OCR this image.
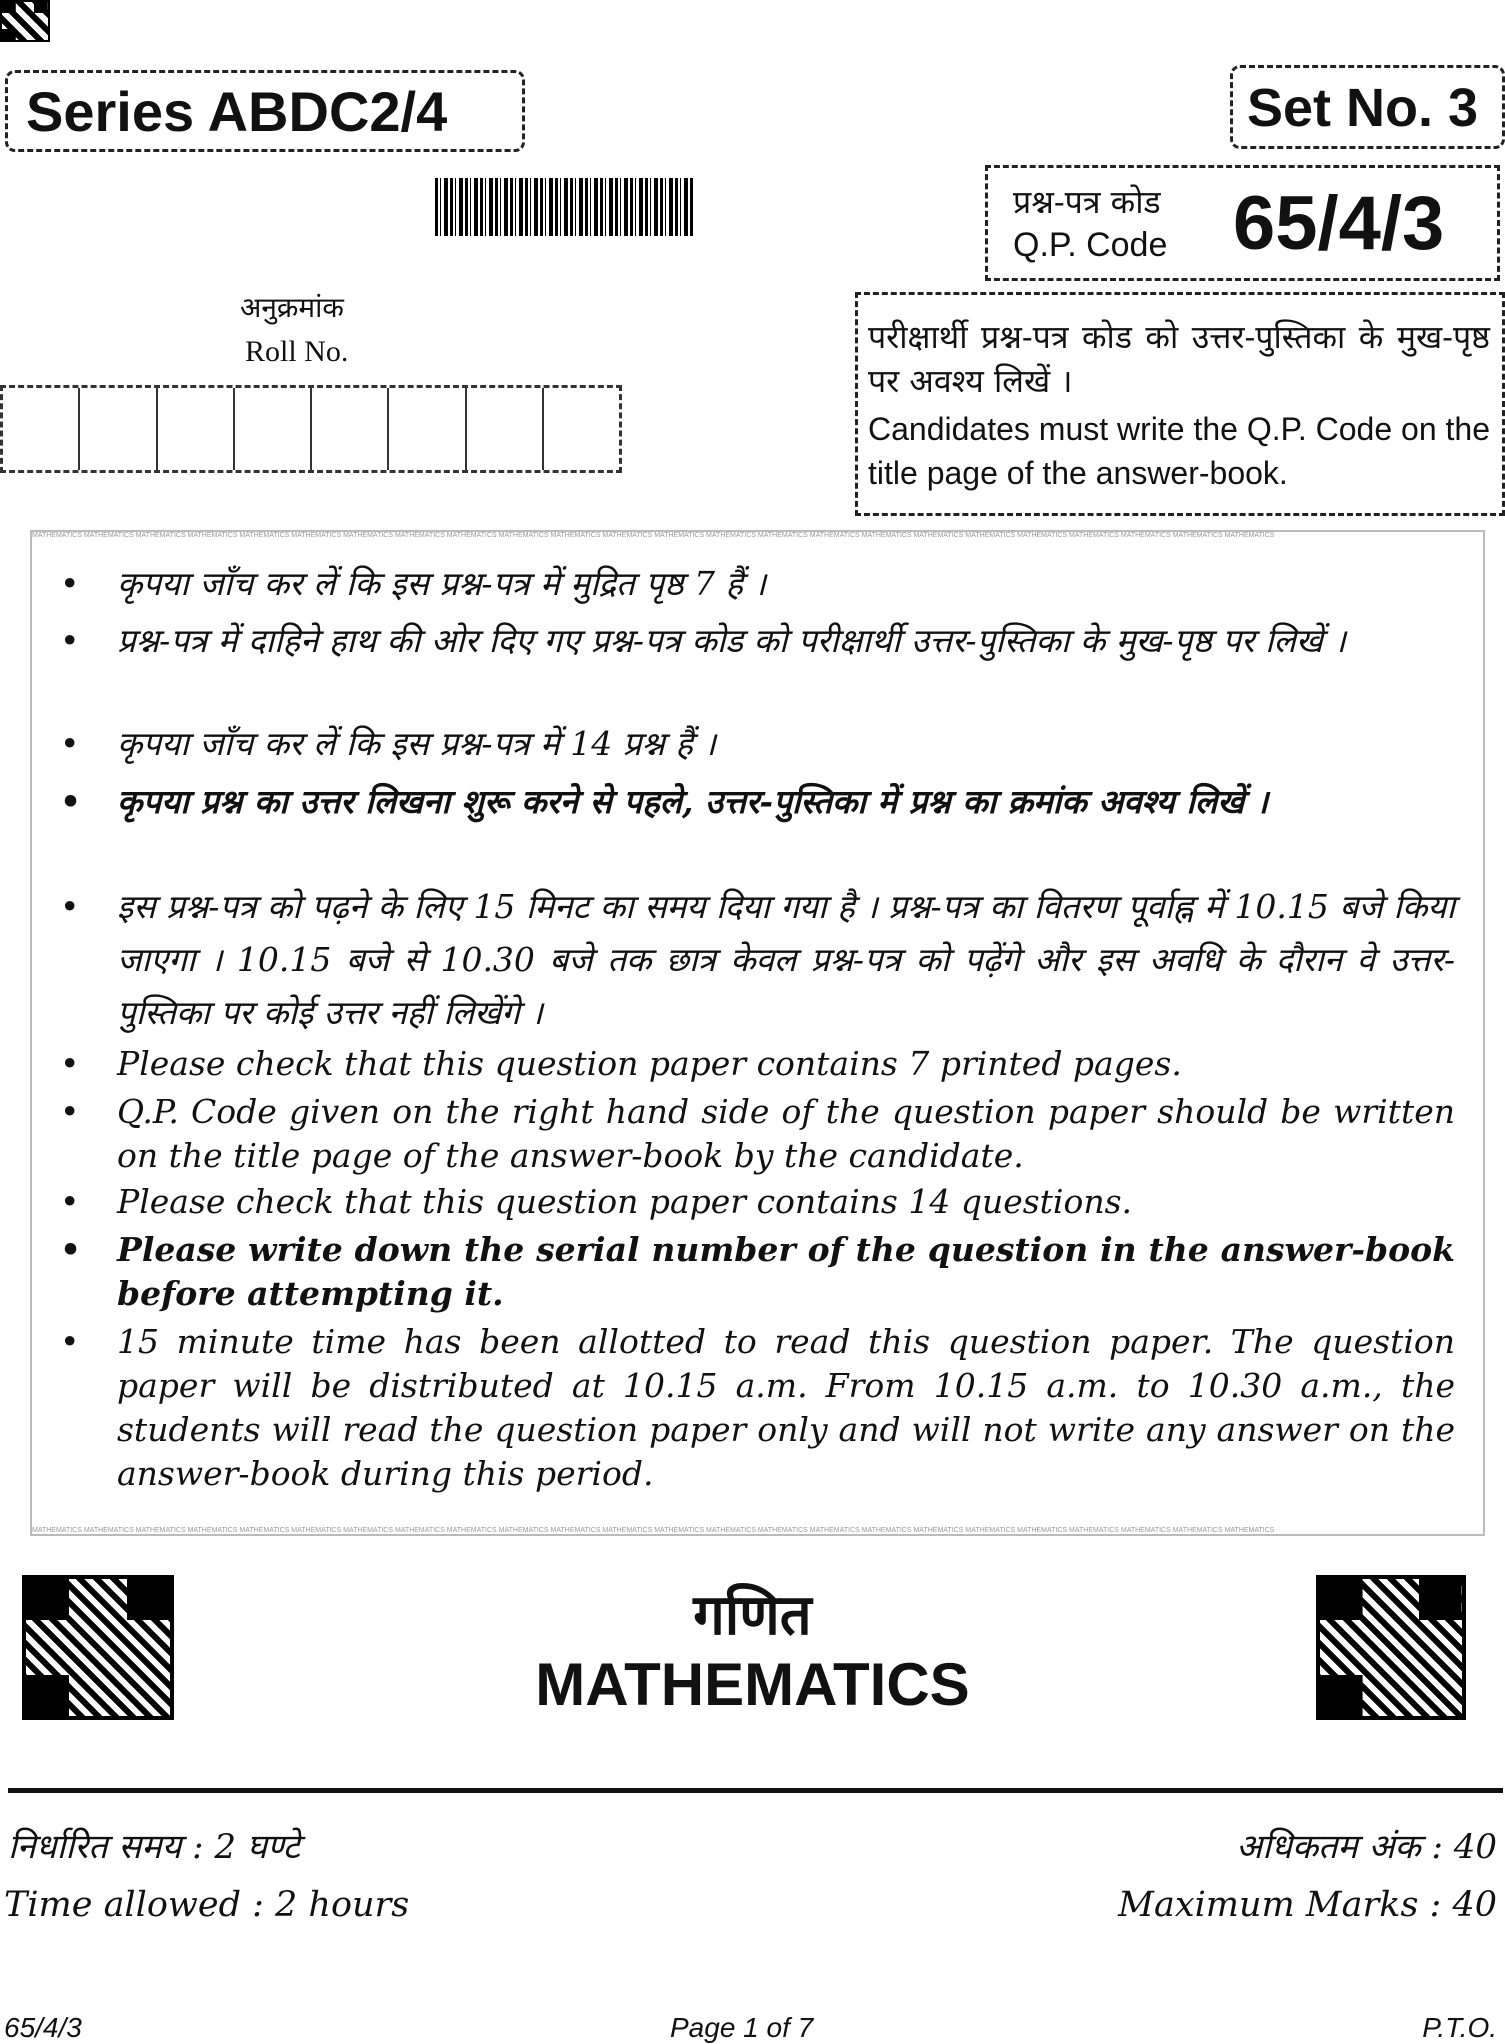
Series ABDC2/4	Set No. 3
प्रश्न-पत्र कोड
Q.P. Code 65/4/3
अनुक्रमांक
Roll No.	परीक्षार्थी प्रश्न-पत्र कोड को उत्तर-पुस्तिका के मुख-पृष्ठ पर अवश्य लिखें ।
Candidates must write the Q.P. Code on the title page of the answer-book.
MATHEMATICS MATHEMATICS MATHEMATICS MATHEMATICS MATHEMATICS MATHEMATICS MATHEMATICS MATHEMATICS MATHEMATICS MATHEMATICS MATHEMATICS MATHEMATICS MATHEMATICS MATHEMATICS MATHEMATICS MATHEMATICS MATHEMATICS MATHEMATICS MATHEMATICS MATHEMATICS MATHEMATICS MATHEMATICS MATHEMATICS MATHEMATICS
MATHEMATICS MATHEMATICS MATHEMATICS MATHEMATICS MATHEMATICS MATHEMATICS MATHEMATICS MATHEMATICS MATHEMATICS MATHEMATICS MATHEMATICS MATHEMATICS MATHEMATICS MATHEMATICS MATHEMATICS MATHEMATICS MATHEMATICS MATHEMATICS MATHEMATICS MATHEMATICS MATHEMATICS MATHEMATICS MATHEMATICS MATHEMATICS
• कृपया जाँच कर लें कि इस प्रश्न-पत्र में मुद्रित पृष्ठ 7 हैं ।
• प्रश्न-पत्र में दाहिने हाथ की ओर दिए गए प्रश्न-पत्र कोड को परीक्षार्थी उत्तर-पुस्तिका के मुख-पृष्ठ पर लिखें ।
• कृपया जाँच कर लें कि इस प्रश्न-पत्र में 14 प्रश्न हैं ।
• कृपया प्रश्न का उत्तर लिखना शुरू करने से पहले, उत्तर-पुस्तिका में प्रश्न का क्रमांक अवश्य लिखें ।
• इस प्रश्न-पत्र को पढ़ने के लिए 15 मिनट का समय दिया गया है । प्रश्न-पत्र का वितरण पूर्वाह्न में 10.15 बजे किया जाएगा । 10.15 बजे से 10.30 बजे तक छात्र केवल प्रश्न-पत्र को पढ़ेंगे और इस अवधि के दौरान वे उत्तर-पुस्तिका पर कोई उत्तर नहीं लिखेंगे ।
• Please check that this question paper contains 7 printed pages.
• Q.P. Code given on the right hand side of the question paper should be written on the title page of the answer-book by the candidate.
• Please check that this question paper contains 14 questions.
• Please write down the serial number of the question in the answer-book before attempting it.
• 15 minute time has been allotted to read this question paper. The question paper will be distributed at 10.15 a.m. From 10.15 a.m. to 10.30 a.m., the students will read the question paper only and will not write any answer on the answer-book during this period.
गणित
MATHEMATICS
निर्धारित समय : 2 घण्टे	अधिकतम अंक : 40
Time allowed : 2 hours	Maximum Marks : 40
65/4/3	Page 1 of 7	P.T.O.
